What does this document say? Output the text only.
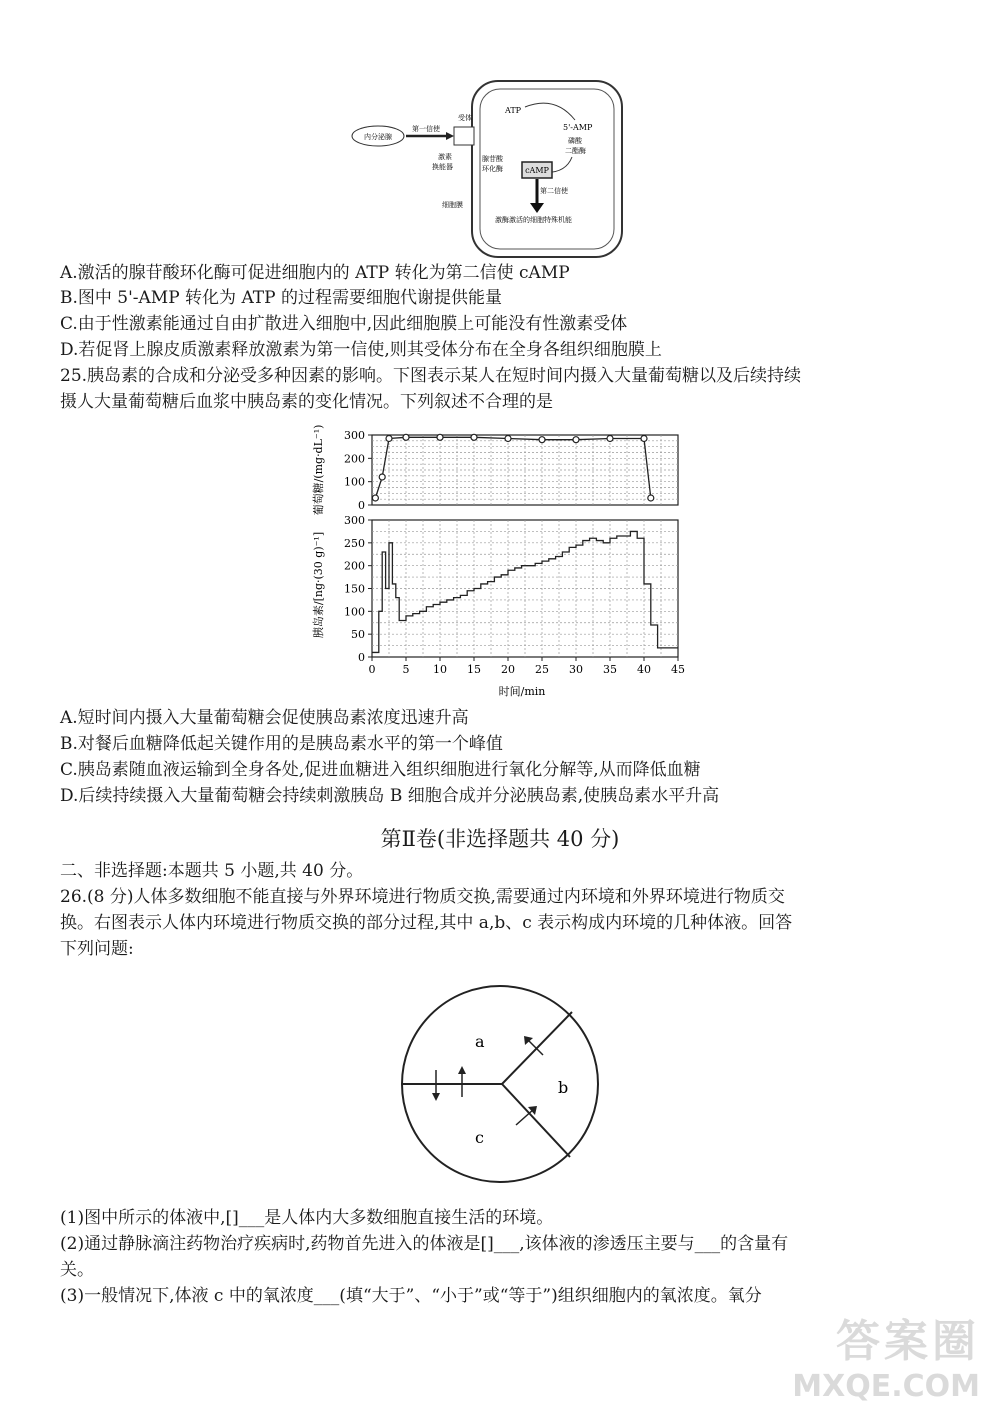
内分泌腺
第一信使
受体
激素
换能器
腺苷酸
环化酶
ATP
5'-AMP
磷酸
二酯酶
cAMP
第二信使
细胞膜
激酶激活的细胞特殊机能
A.激活的腺苷酸环化酶可促进细胞内的 ATP 转化为第二信使 cAMP
B.图中 5'-AMP 转化为 ATP 的过程需要细胞代谢提供能量
C.由于性激素能通过自由扩散进入细胞中,因此细胞膜上可能没有性激素受体
D.若促肾上腺皮质激素释放激素为第一信使,则其受体分布在全身各组织细胞膜上
25.胰岛素的合成和分泌受多种因素的影响。下图表示某人在短时间内摄入大量葡萄糖以及后续持续
摄人大量葡萄糖后血浆中胰岛素的变化情况。下列叙述不合理的是
0
100
200
300
0
50
100
150
200
250
300
0 5 10 15 20 25 30 35 40 45
葡萄糖/(mg·dL⁻¹)
胰岛素/[ng·(30 g)⁻¹]
时间/min
A.短时间内摄入大量葡萄糖会促使胰岛素浓度迅速升高
B.对餐后血糖降低起关键作用的是胰岛素水平的第一个峰值
C.胰岛素随血液运输到全身各处,促进血糖进入组织细胞进行氧化分解等,从而降低血糖
D.后续持续摄入大量葡萄糖会持续刺激胰岛 B 细胞合成并分泌胰岛素,使胰岛素水平升高
第Ⅱ卷(非选择题共 40 分)
二、非选择题:本题共 5 小题,共 40 分。
26.(8 分)人体多数细胞不能直接与外界环境进行物质交换,需要通过内环境和外界环境进行物质交
换。右图表示人体内环境进行物质交换的部分过程,其中 a,b、c 表示构成内环境的几种体液。回答
下列问题:
a
b
c
(1)图中所示的体液中,[]___是人体内大多数细胞直接生活的环境。
(2)通过静脉滴注药物治疗疾病时,药物首先进入的体液是[]___,该体液的渗透压主要与___的含量有
关。
(3)一般情况下,体液 c 中的氧浓度___(填“大于”、“小于”或“等于”)组织细胞内的氧浓度。氧分
答案圈
MXQE.COM
